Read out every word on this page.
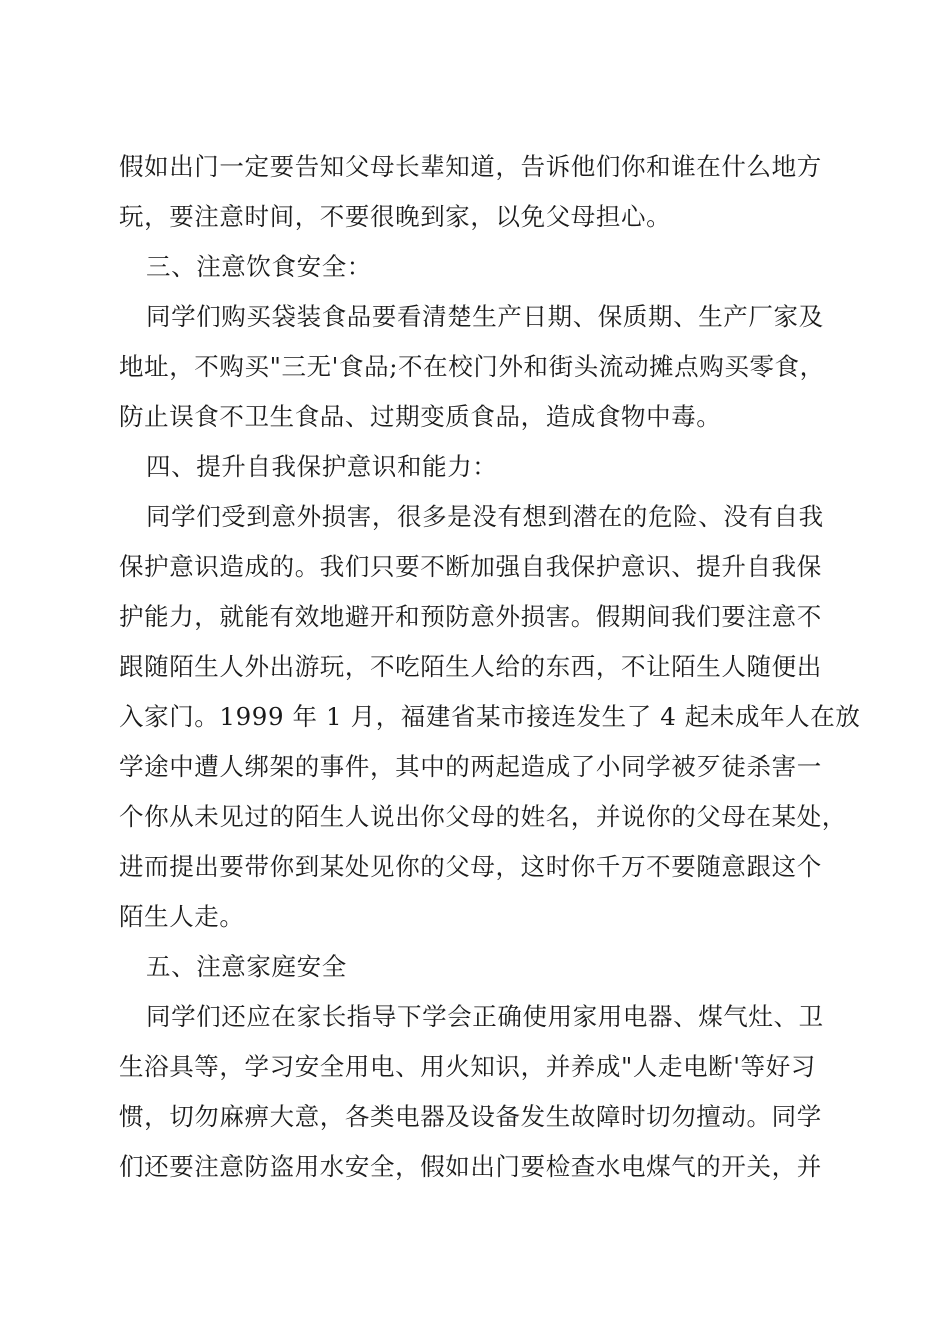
假如出门一定要告知父母长辈知道，告诉他们你和谁在什么地方
玩，要注意时间，不要很晚到家，以免父母担心。
三、注意饮食安全：
同学们购买袋装食品要看清楚生产日期、保质期、生产厂家及
地址，不购买"三无'食品;不在校门外和街头流动摊点购买零食，
防止误食不卫生食品、过期变质食品，造成食物中毒。
四、提升自我保护意识和能力：
同学们受到意外损害，很多是没有想到潜在的危险、没有自我
保护意识造成的。我们只要不断加强自我保护意识、提升自我保
护能力，就能有效地避开和预防意外损害。假期间我们要注意不
跟随陌生人外出游玩，不吃陌生人给的东西，不让陌生人随便出
入家门。1999 年 1 月，福建省某市接连发生了 4 起未成年人在放
学途中遭人绑架的事件，其中的两起造成了小同学被歹徒杀害一
个你从未见过的陌生人说出你父母的姓名，并说你的父母在某处，
进而提出要带你到某处见你的父母，这时你千万不要随意跟这个
陌生人走。
五、注意家庭安全
同学们还应在家长指导下学会正确使用家用电器、煤气灶、卫
生浴具等，学习安全用电、用火知识，并养成"人走电断'等好习
惯，切勿麻痹大意，各类电器及设备发生故障时切勿擅动。同学
们还要注意防盗用水安全，假如出门要检查水电煤气的开关，并
